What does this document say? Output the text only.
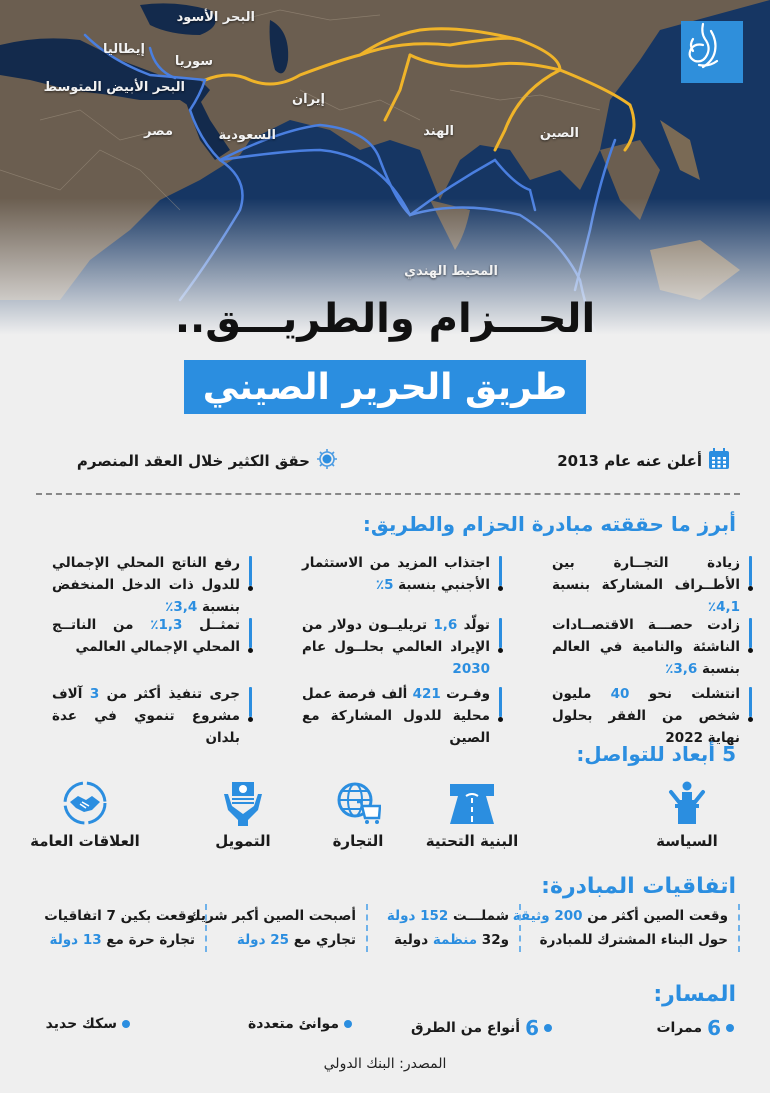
البحر الأسود
إيطاليا
سوريا
البحر الأبيض المتوسط
مصر
إيران
السعودية	الهند	الصين
المحيط الهندي
الحـــزام والطريـــق..
طريق الحرير الصيني
أعلن عنه عام 2013
حقق الكثير خلال العقد المنصرم
أبرز ما حققته مبادرة الحزام والطريق:
زيادة التجــارة بين الأطــراف المشاركة بنسبة 4,1٪
اجتذاب المزيد من الاستثمار الأجنبي بنسبة 5٪
رفع الناتج المحلي الإجمالي للدول ذات الدخل المنخفض بنسبة 3,4٪
زادت حصـــة الاقتصــادات الناشئة والنامية في العالم بنسبة 3,6٪
تولّد 1,6 تريليــون دولار من الإيراد العالمي بحلــول عام 2030
تمثــل 1,3٪ من الناتــج المحلي الإجمالي العالمي
انتشلت نحو 40 مليون شخص من الفقر بحلول نهاية 2022
وفـرت 421 ألف فرصة عمل محلية للدول المشاركة مع الصين
جرى تنفيذ أكثر من 3 آلاف مشروع تنموي في عدة بلدان
5 أبعاد للتواصل:
السياسة
البنية التحتية
التجارة
التمويل
العلاقات العامة
اتفاقيات المبادرة:
وقعت الصين أكثر من 200 وثيقة
حول البناء المشترك للمبادرة
شملـــت 152 دولة
و32 منظمة دولية
أصبحت الصين أكبر شريك
تجاري مع 25 دولة
وقعت بكين 7 اتفاقيات
تجارة حرة مع 13 دولة
المسار:
6
ممرات
6
أنواع من الطرق
موانئ متعددة
سكك حديد
المصدر: البنك الدولي
